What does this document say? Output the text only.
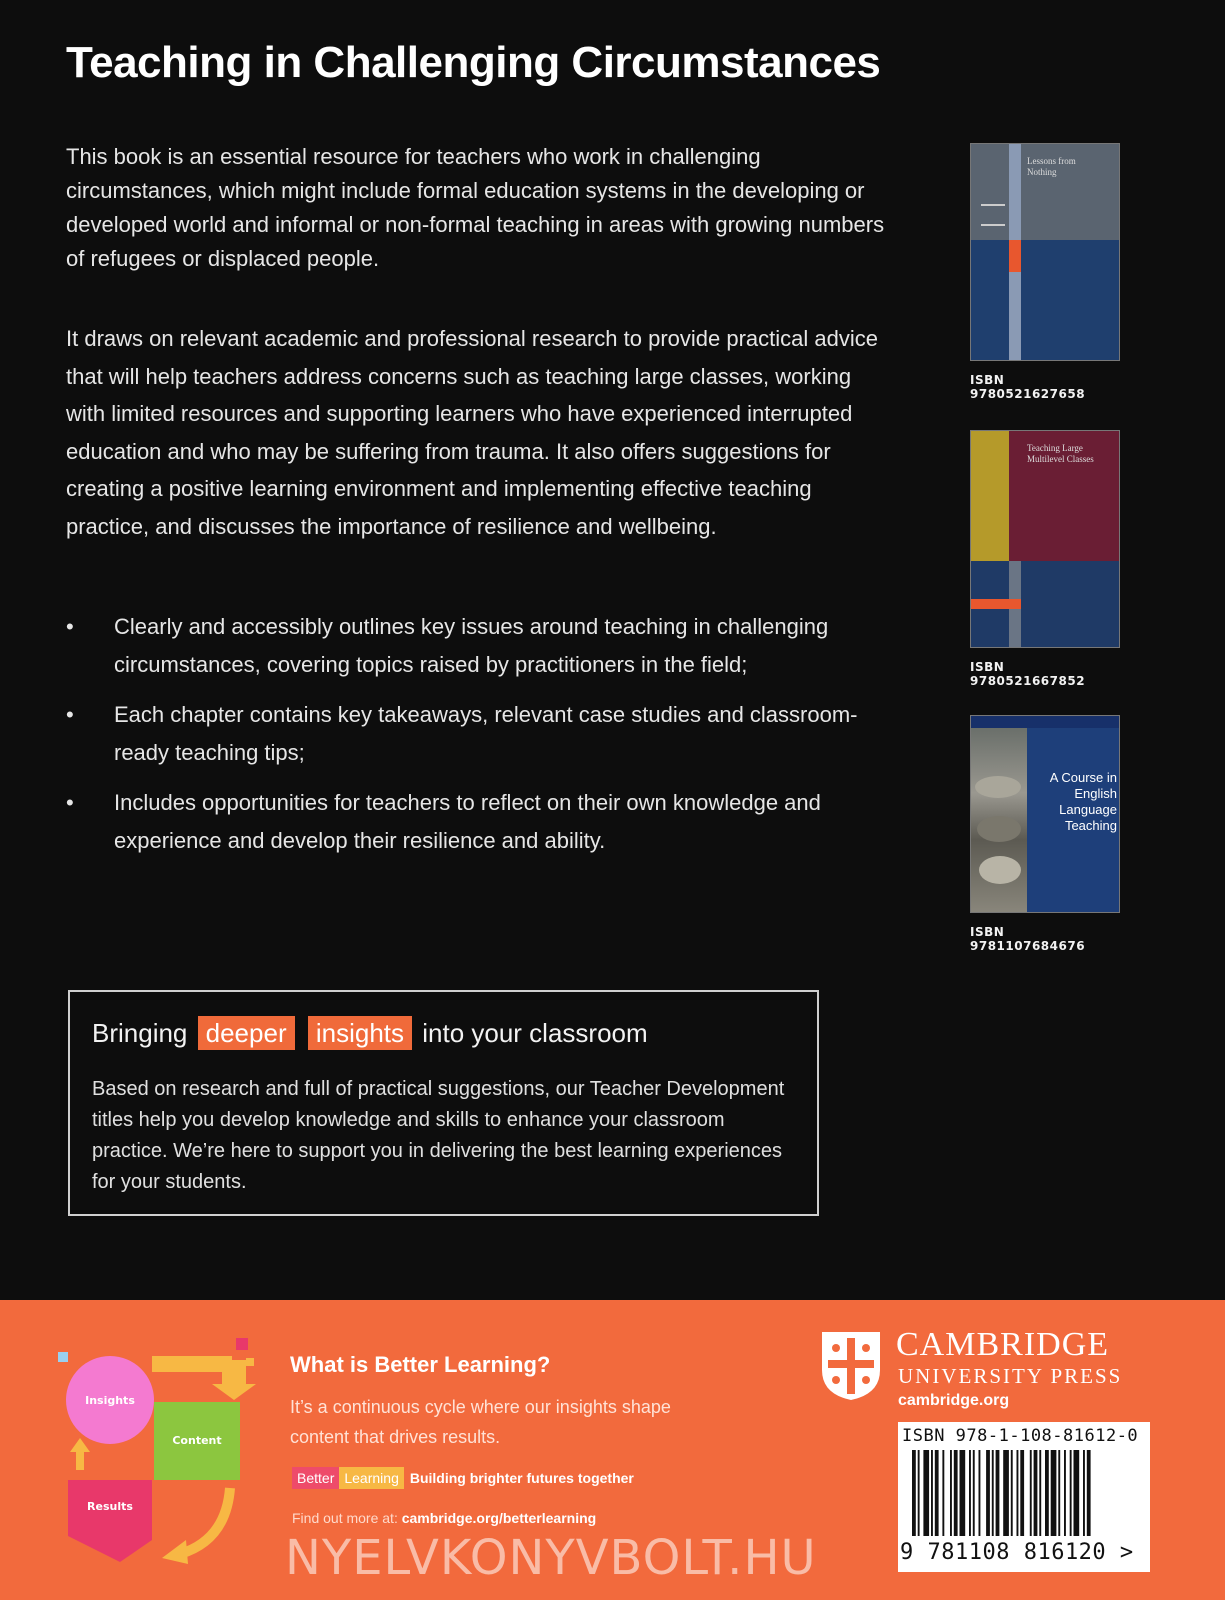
Teaching in Challenging Circumstances

This book is an essential resource for teachers who work in challenging circumstances, which might include formal education systems in the developing or developed world and informal or non-formal teaching in areas with growing numbers of refugees or displaced people.

It draws on relevant academic and professional research to provide practical advice that will help teachers address concerns such as teaching large classes, working with limited resources and supporting learners who have experienced interrupted education and who may be suffering from trauma. It also offers suggestions for creating a positive learning environment and implementing effective teaching practice, and discusses the importance of resilience and wellbeing.

• Clearly and accessibly outlines key issues around teaching in challenging circumstances, covering topics raised by practitioners in the field;
• Each chapter contains key takeaways, relevant case studies and classroom-ready teaching tips;
• Includes opportunities for teachers to reflect on their own knowledge and experience and develop their resilience and ability.
Lessons from Nothing
ISBN 9780521627658
Teaching Large Multilevel Classes
ISBN 9780521667852
A Course in English Language Teaching
ISBN 9781107684676
Bringing deeper insights into your classroom

Based on research and full of practical suggestions, our Teacher Development titles help you develop knowledge and skills to enhance your classroom practice. We’re here to support you in delivering the best learning experiences for your students.

Insights
Content
Results
What is Better Learning?
It’s a continuous cycle where our insights shape content that drives results.
Better Learning Building brighter futures together
Find out more at: cambridge.org/betterlearning
CAMBRIDGE
UNIVERSITY PRESS
cambridge.org
ISBN 978-1-108-81612-0
9 781108 816120 >
NYELVKONYVBOLT.HU
